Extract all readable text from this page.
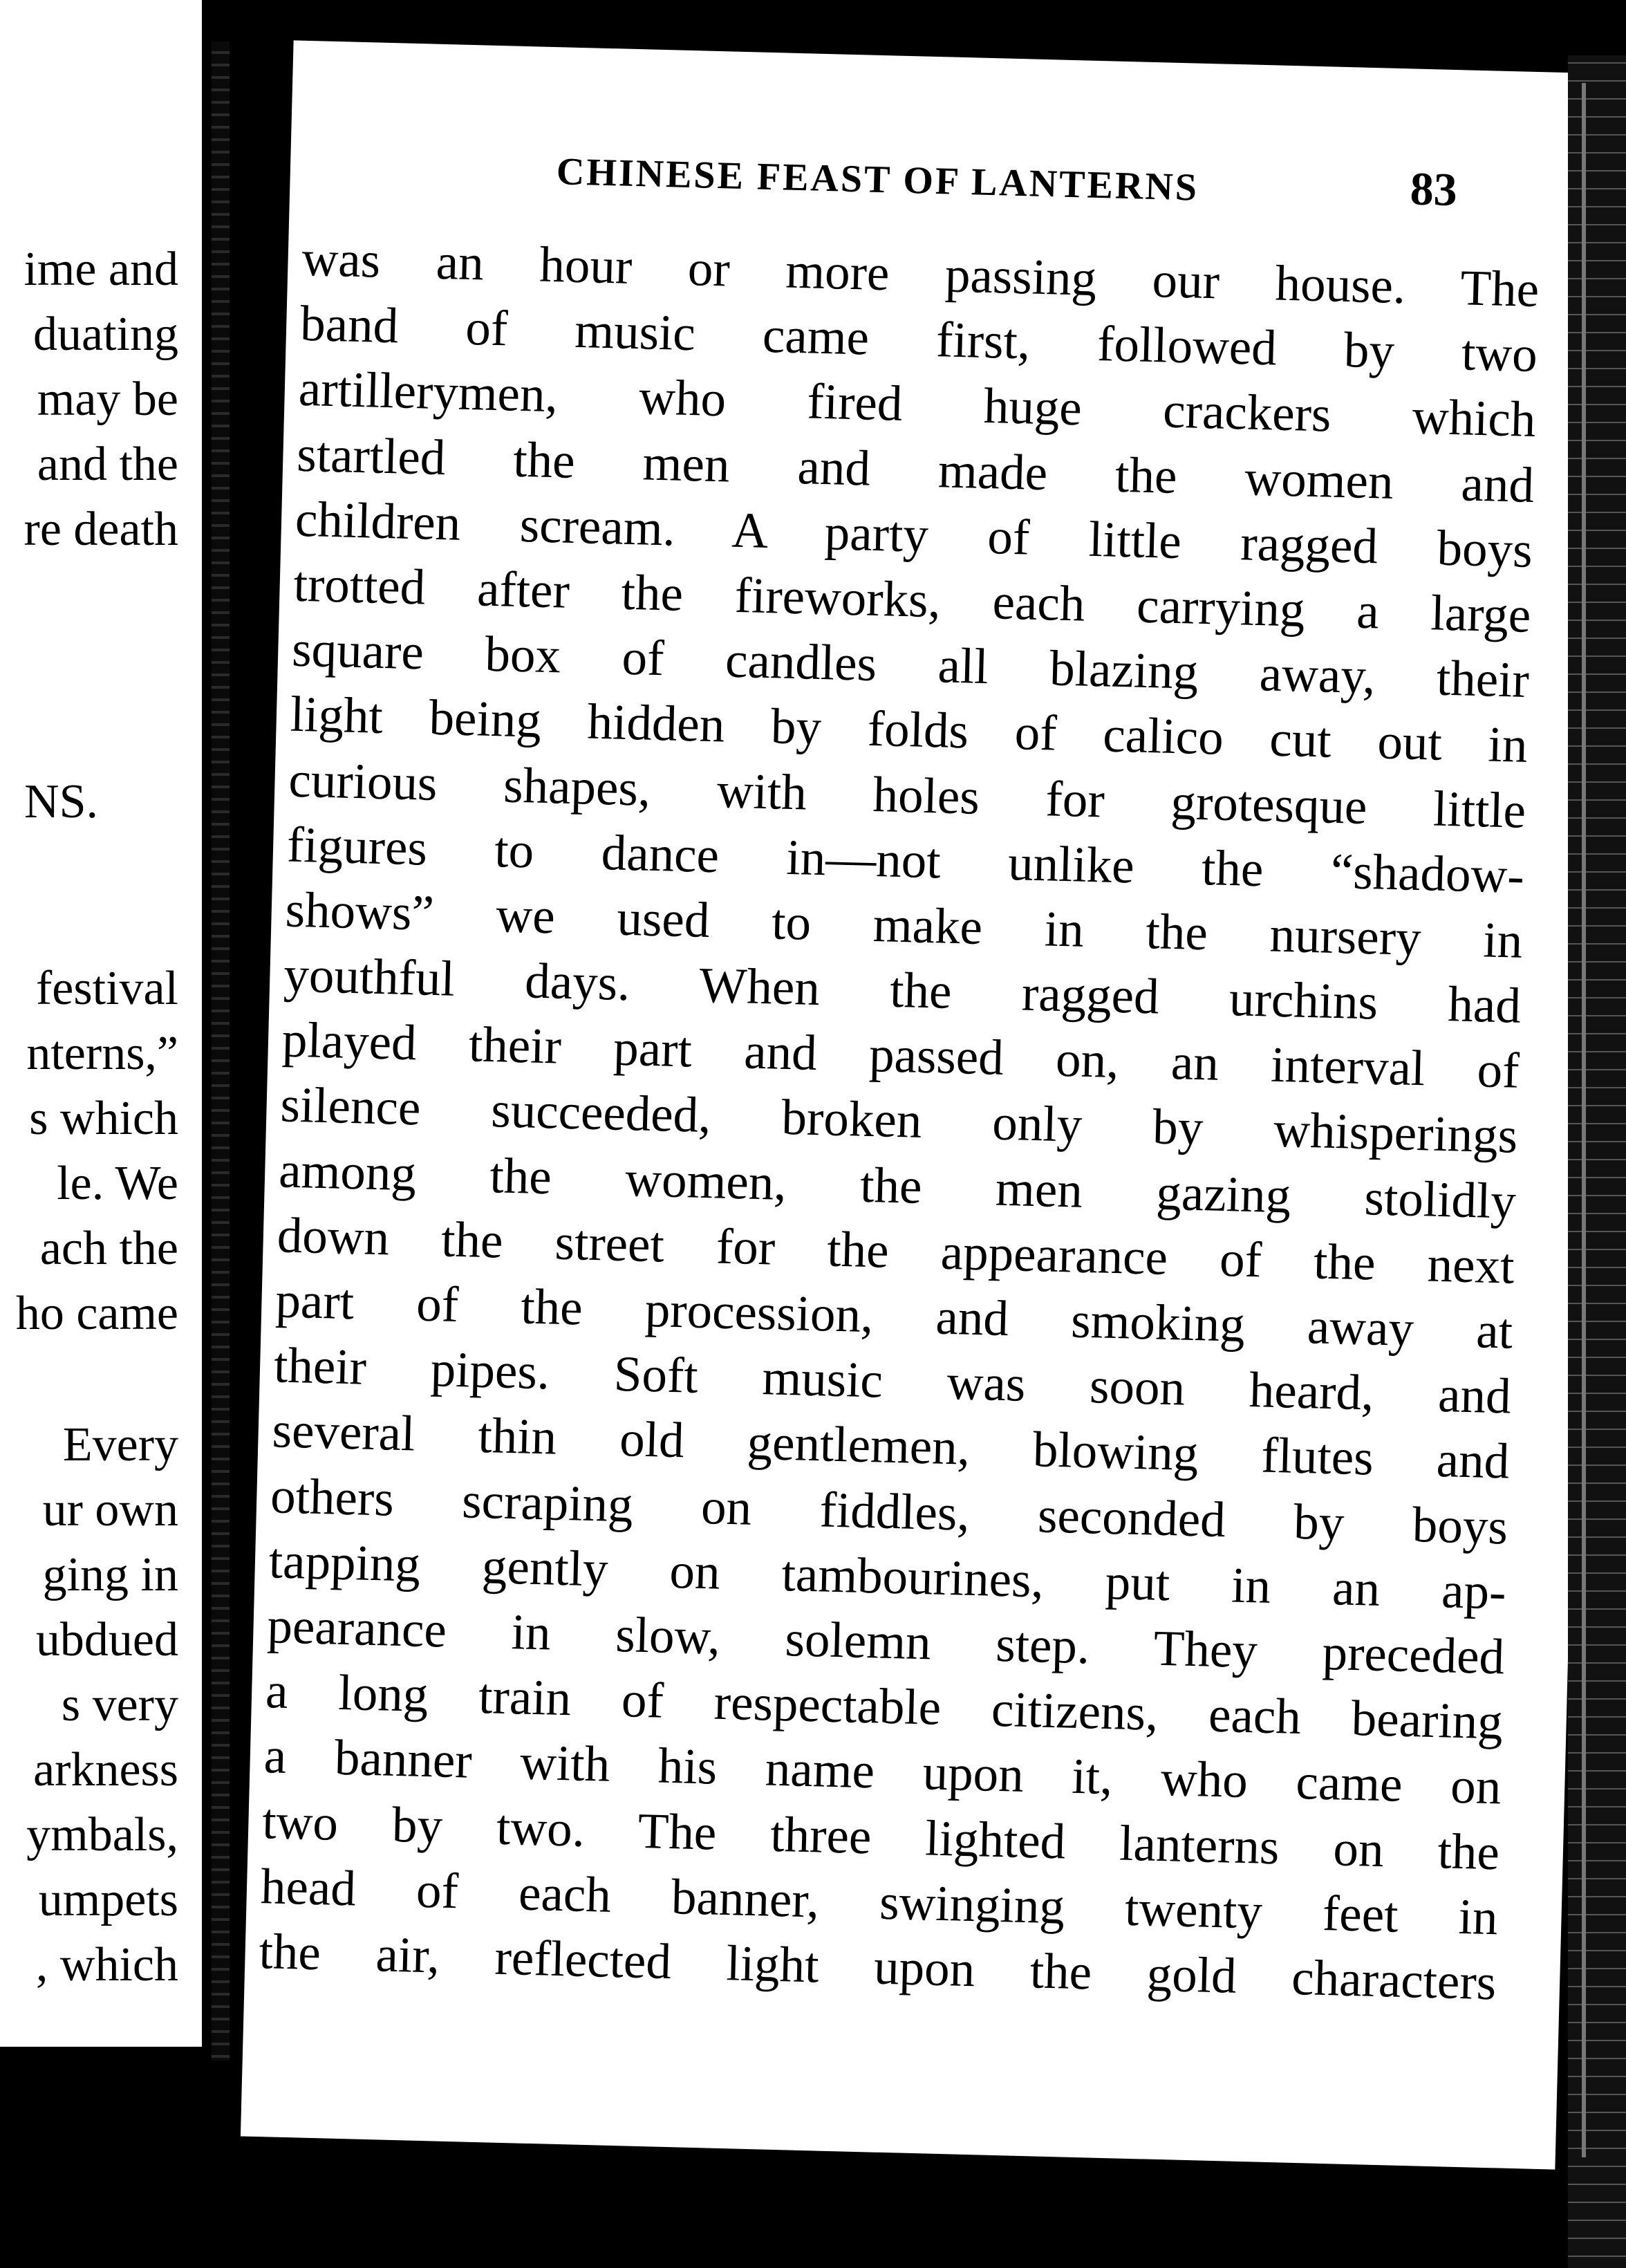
ime and
duating
may be
and the
re death
NS.
festival
nterns,”
s which
le. We
ach the
ho came
Every
ur own
ging in
ubdued
s very
arkness
ymbals,
umpets
, which
CHINESE FEAST OF LANTERNS	83
was an hour or more passing our house. The
band of music came first, followed by two
artillerymen, who fired huge crackers which
startled the men and made the women and
children scream. A party of little ragged boys
trotted after the fireworks, each carrying a large
square box of candles all blazing away, their
light being hidden by folds of calico cut out in
curious shapes, with holes for grotesque little
figures to dance in—not unlike the “shadow-
shows” we used to make in the nursery in
youthful days. When the ragged urchins had
played their part and passed on, an interval of
silence succeeded, broken only by whisperings
among the women, the men gazing stolidly
down the street for the appearance of the next
part of the procession, and smoking away at
their pipes. Soft music was soon heard, and
several thin old gentlemen, blowing flutes and
others scraping on fiddles, seconded by boys
tapping gently on tambourines, put in an ap-
pearance in slow, solemn step. They preceded
a long train of respectable citizens, each bearing
a banner with his name upon it, who came on
two by two. The three lighted lanterns on the
head of each banner, swinging twenty feet in
the air, reflected light upon the gold characters
